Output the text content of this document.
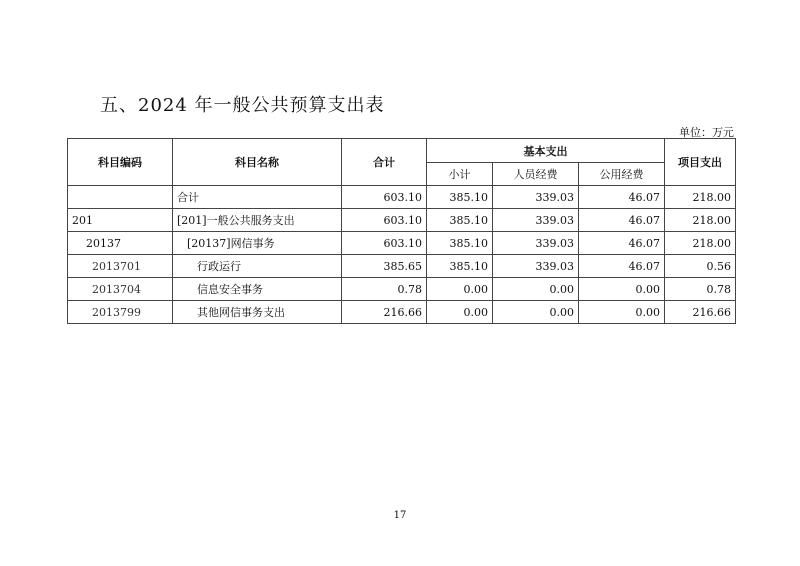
五、2024 年一般公共预算支出表
单位：万元
科目编码	科目名称	合计	基本支出			项目支出
			小计	人员经费	公用经费	
	合计	603.10	385.10	339.03	46.07	218.00
201	[201]一般公共服务支出	603.10	385.10	339.03	46.07	218.00
20137	[20137]网信事务	603.10	385.10	339.03	46.07	218.00
2013701	行政运行	385.65	385.10	339.03	46.07	0.56
2013704	信息安全事务	0.78	0.00	0.00	0.00	0.78
2013799	其他网信事务支出	216.66	0.00	0.00	0.00	216.66
17
